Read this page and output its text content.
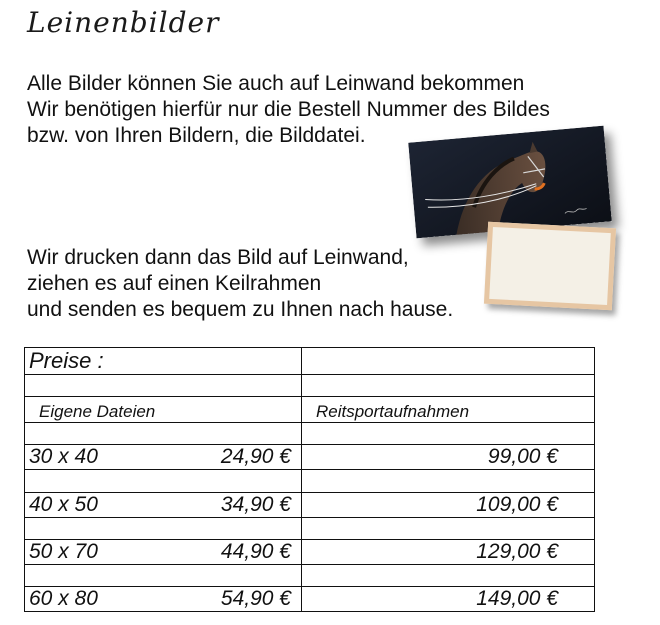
Leinenbilder
Alle Bilder können Sie auch auf Leinwand bekommen
Wir benötigen hierfür nur die Bestell Nummer des Bildes
bzw. von Ihren Bildern, die Bilddatei.
Wir drucken dann das Bild auf Leinwand,
ziehen es auf einen Keilrahmen
und senden es bequem zu Ihnen nach hause.
Preise :	

Eigene Dateien	Reitsportaufnahmen

30 x 40 24,90 €	99,00 €

40 x 50 34,90 €	109,00 €

50 x 70 44,90 €	129,00 €

60 x 80 54,90 €	149,00 €
